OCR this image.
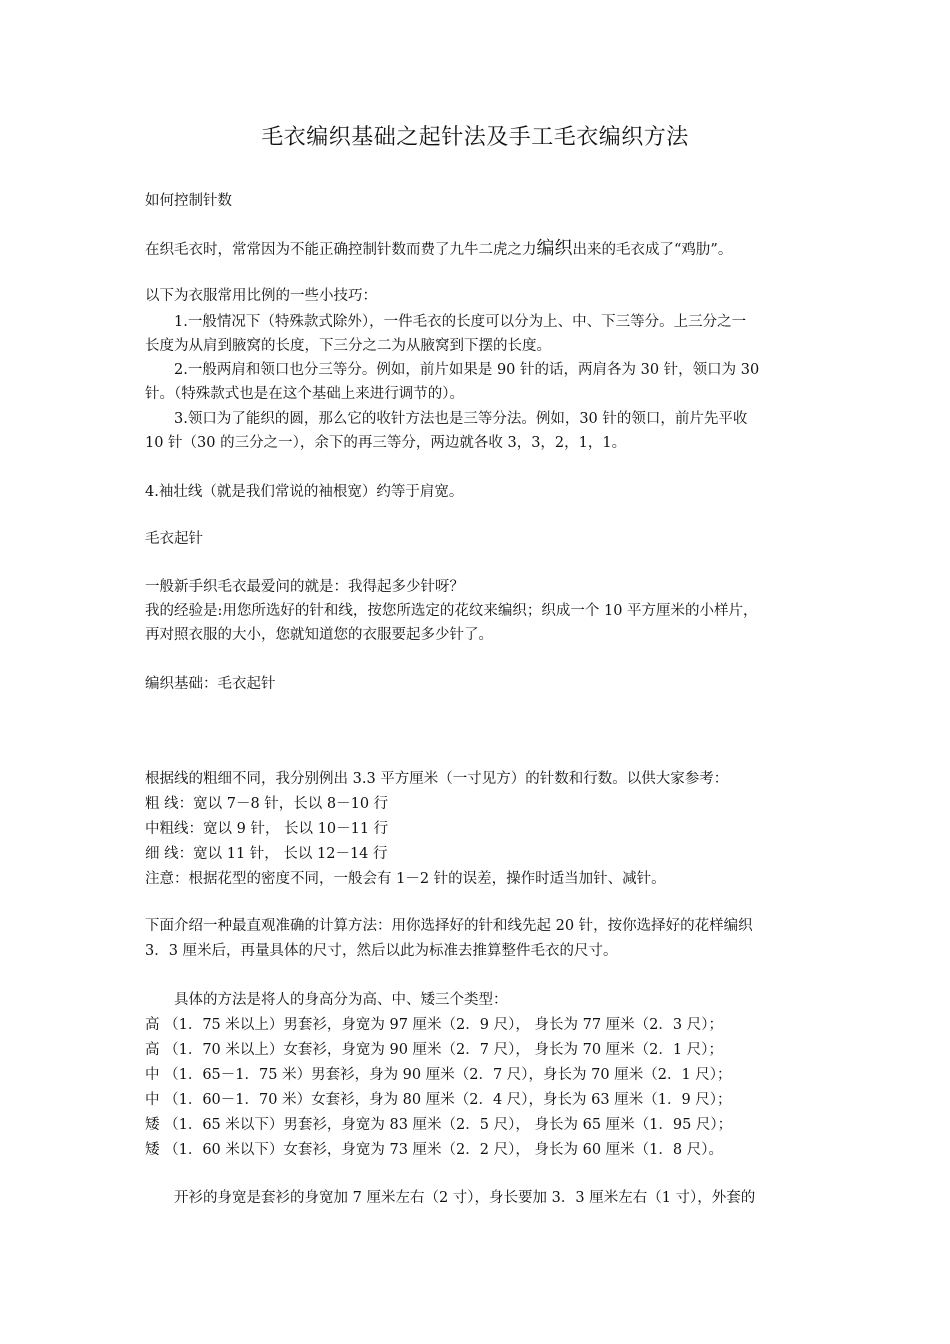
毛衣编织基础之起针法及手工毛衣编织方法
如何控制针数
在织毛衣时，常常因为不能正确控制针数而费了九牛二虎之力编织出来的毛衣成了“鸡肋”。
以下为衣服常用比例的一些小技巧：
1.一般情况下（特殊款式除外），一件毛衣的长度可以分为上、中、下三等分。上三分之一
长度为从肩到腋窝的长度，下三分之二为从腋窝到下摆的长度。
2.一般两肩和领口也分三等分。例如，前片如果是 90 针的话，两肩各为 30 针，领口为 30
针。（特殊款式也是在这个基础上来进行调节的）。
3.领口为了能织的圆，那么它的收针方法也是三等分法。例如，30 针的领口，前片先平收
10 针（30 的三分之一），余下的再三等分，两边就各收 3，3，2，1，1。
4.袖壮线（就是我们常说的袖根宽）约等于肩宽。
毛衣起针
一般新手织毛衣最爱问的就是：我得起多少针呀？
我的经验是:用您所选好的针和线，按您所选定的花纹来编织；织成一个 10 平方厘米的小样片，
再对照衣服的大小，您就知道您的衣服要起多少针了。
编织基础：毛衣起针
根据线的粗细不同，我分别例出 3.3 平方厘米（一寸见方）的针数和行数。以供大家参考：
粗 线：宽以 7－8 针，长以 8－10 行
中粗线：宽以 9 针， 长以 10－11 行
细 线：宽以 11 针， 长以 12－14 行
注意：根据花型的密度不同，一般会有 1－2 针的误差，操作时适当加针、减针。
下面介绍一种最直观准确的计算方法：用你选择好的针和线先起 20 针，按你选择好的花样编织
3．3 厘米后，再量具体的尺寸，然后以此为标准去推算整件毛衣的尺寸。
具体的方法是将人的身高分为高、中、矮三个类型：
高 （1．75 米以上）男套衫，身宽为 97 厘米（2．9 尺）， 身长为 77 厘米（2．3 尺）；
高 （1．70 米以上）女套衫，身宽为 90 厘米（2．7 尺）， 身长为 70 厘米（2．1 尺）；
中 （1．65－1．75 米）男套衫，身为 90 厘米（2．7 尺），身长为 70 厘米（2．1 尺）；
中 （1．60－1．70 米）女套衫，身为 80 厘米（2．4 尺），身长为 63 厘米（1．9 尺）；
矮 （1．65 米以下）男套衫，身宽为 83 厘米（2．5 尺）， 身长为 65 厘米（1．95 尺）；
矮 （1．60 米以下）女套衫，身宽为 73 厘米（2．2 尺）， 身长为 60 厘米（1．8 尺）。
开衫的身宽是套衫的身宽加 7 厘米左右（2 寸），身长要加 3．3 厘米左右（1 寸），外套的
